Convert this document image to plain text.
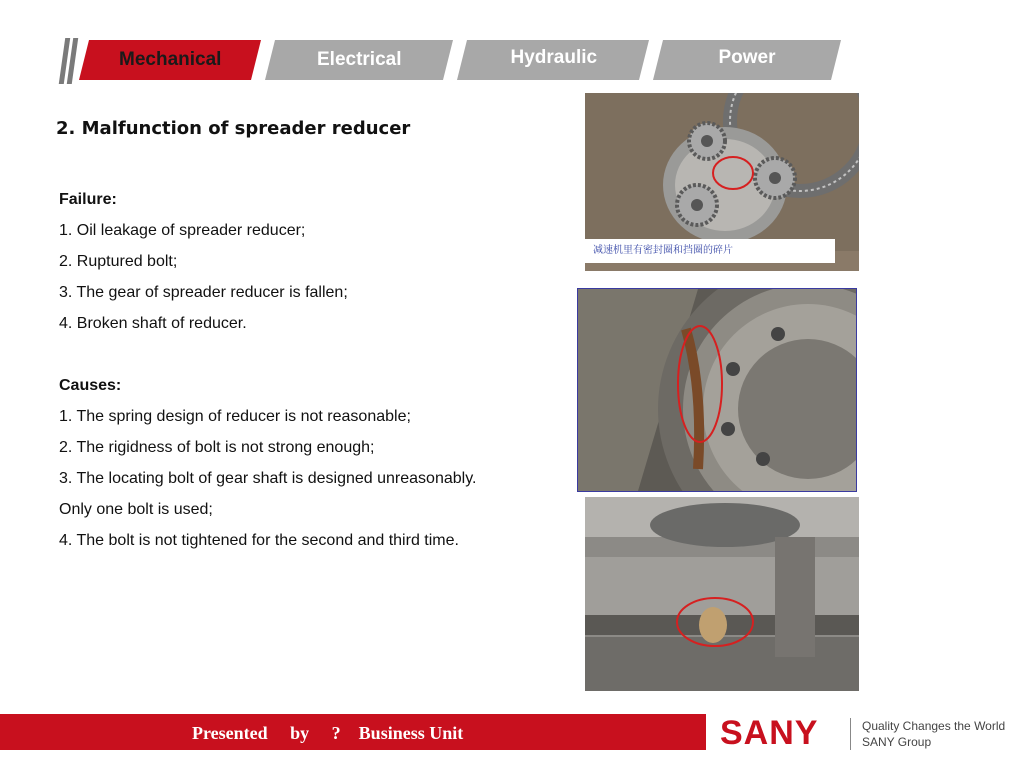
Mechanical	Electrical	Hydraulic	Power
2. Malfunction of spreader reducer
Failure:
1. Oil leakage of spreader reducer;
2. Ruptured bolt;
3. The gear of spreader reducer is fallen;
4. Broken shaft of reducer.
Causes:
1. The spring design of reducer is not reasonable;
2. The rigidness of bolt is not strong enough;
3. The locating bolt of gear shaft is designed unreasonably.
Only one bolt is used;
4. The bolt is not tightened for the second and third time.
减速机里有密封圈和挡圈的碎片
Presented by ? Business Unit	SANY	Quality Changes the World
SANY Group
